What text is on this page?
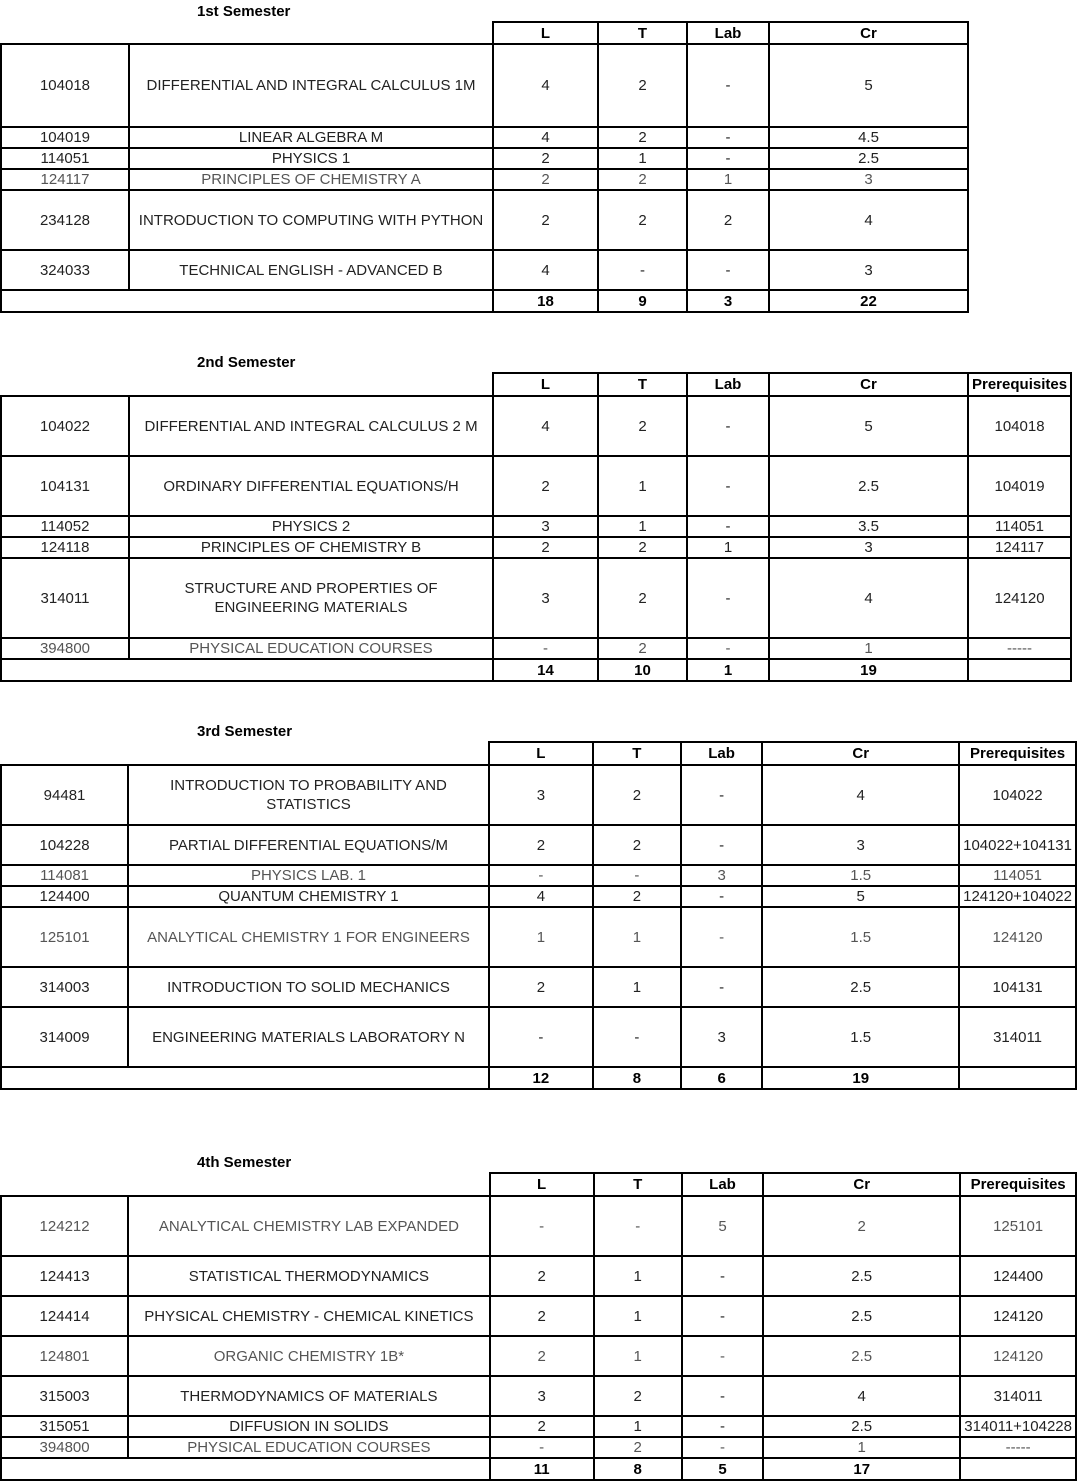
1st Semester
		L	T	Lab	Cr
104018	DIFFERENTIAL AND INTEGRAL CALCULUS 1M	4	2	-	5
104019	LINEAR ALGEBRA M	4	2	-	4.5
114051	PHYSICS 1	2	1	-	2.5
124117	PRINCIPLES OF CHEMISTRY A	2	2	1	3
234128	INTRODUCTION TO COMPUTING WITH PYTHON	2	2	2	4
324033	TECHNICAL ENGLISH - ADVANCED B	4	-	-	3
		18	9	3	22
2nd Semester
		L	T	Lab	Cr	Prerequisites
104022	DIFFERENTIAL AND INTEGRAL CALCULUS 2 M	4	2	-	5	104018
104131	ORDINARY DIFFERENTIAL EQUATIONS/H	2	1	-	2.5	104019
114052	PHYSICS 2	3	1	-	3.5	114051
124118	PRINCIPLES OF CHEMISTRY B	2	2	1	3	124117
314011	STRUCTURE AND PROPERTIES OF ENGINEERING MATERIALS	3	2	-	4	124120
394800	PHYSICAL EDUCATION COURSES	-	2	-	1	-----
		14	10	1	19	
3rd Semester
		L	T	Lab	Cr	Prerequisites
94481	INTRODUCTION TO PROBABILITY AND STATISTICS	3	2	-	4	104022
104228	PARTIAL DIFFERENTIAL EQUATIONS/M	2	2	-	3	104022+104131
114081	PHYSICS LAB. 1	-	-	3	1.5	114051
124400	QUANTUM CHEMISTRY 1	4	2	-	5	124120+104022
125101	ANALYTICAL CHEMISTRY 1 FOR ENGINEERS	1	1	-	1.5	124120
314003	INTRODUCTION TO SOLID MECHANICS	2	1	-	2.5	104131
314009	ENGINEERING MATERIALS LABORATORY N	-	-	3	1.5	314011
		12	8	6	19	
4th Semester
		L	T	Lab	Cr	Prerequisites
124212	ANALYTICAL CHEMISTRY LAB EXPANDED	-	-	5	2	125101
124413	STATISTICAL THERMODYNAMICS	2	1	-	2.5	124400
124414	PHYSICAL CHEMISTRY - CHEMICAL KINETICS	2	1	-	2.5	124120
124801	ORGANIC CHEMISTRY 1B*	2	1	-	2.5	124120
315003	THERMODYNAMICS OF MATERIALS	3	2	-	4	314011
315051	DIFFUSION IN SOLIDS	2	1	-	2.5	314011+104228
394800	PHYSICAL EDUCATION COURSES	-	2	-	1	-----
		11	8	5	17	
